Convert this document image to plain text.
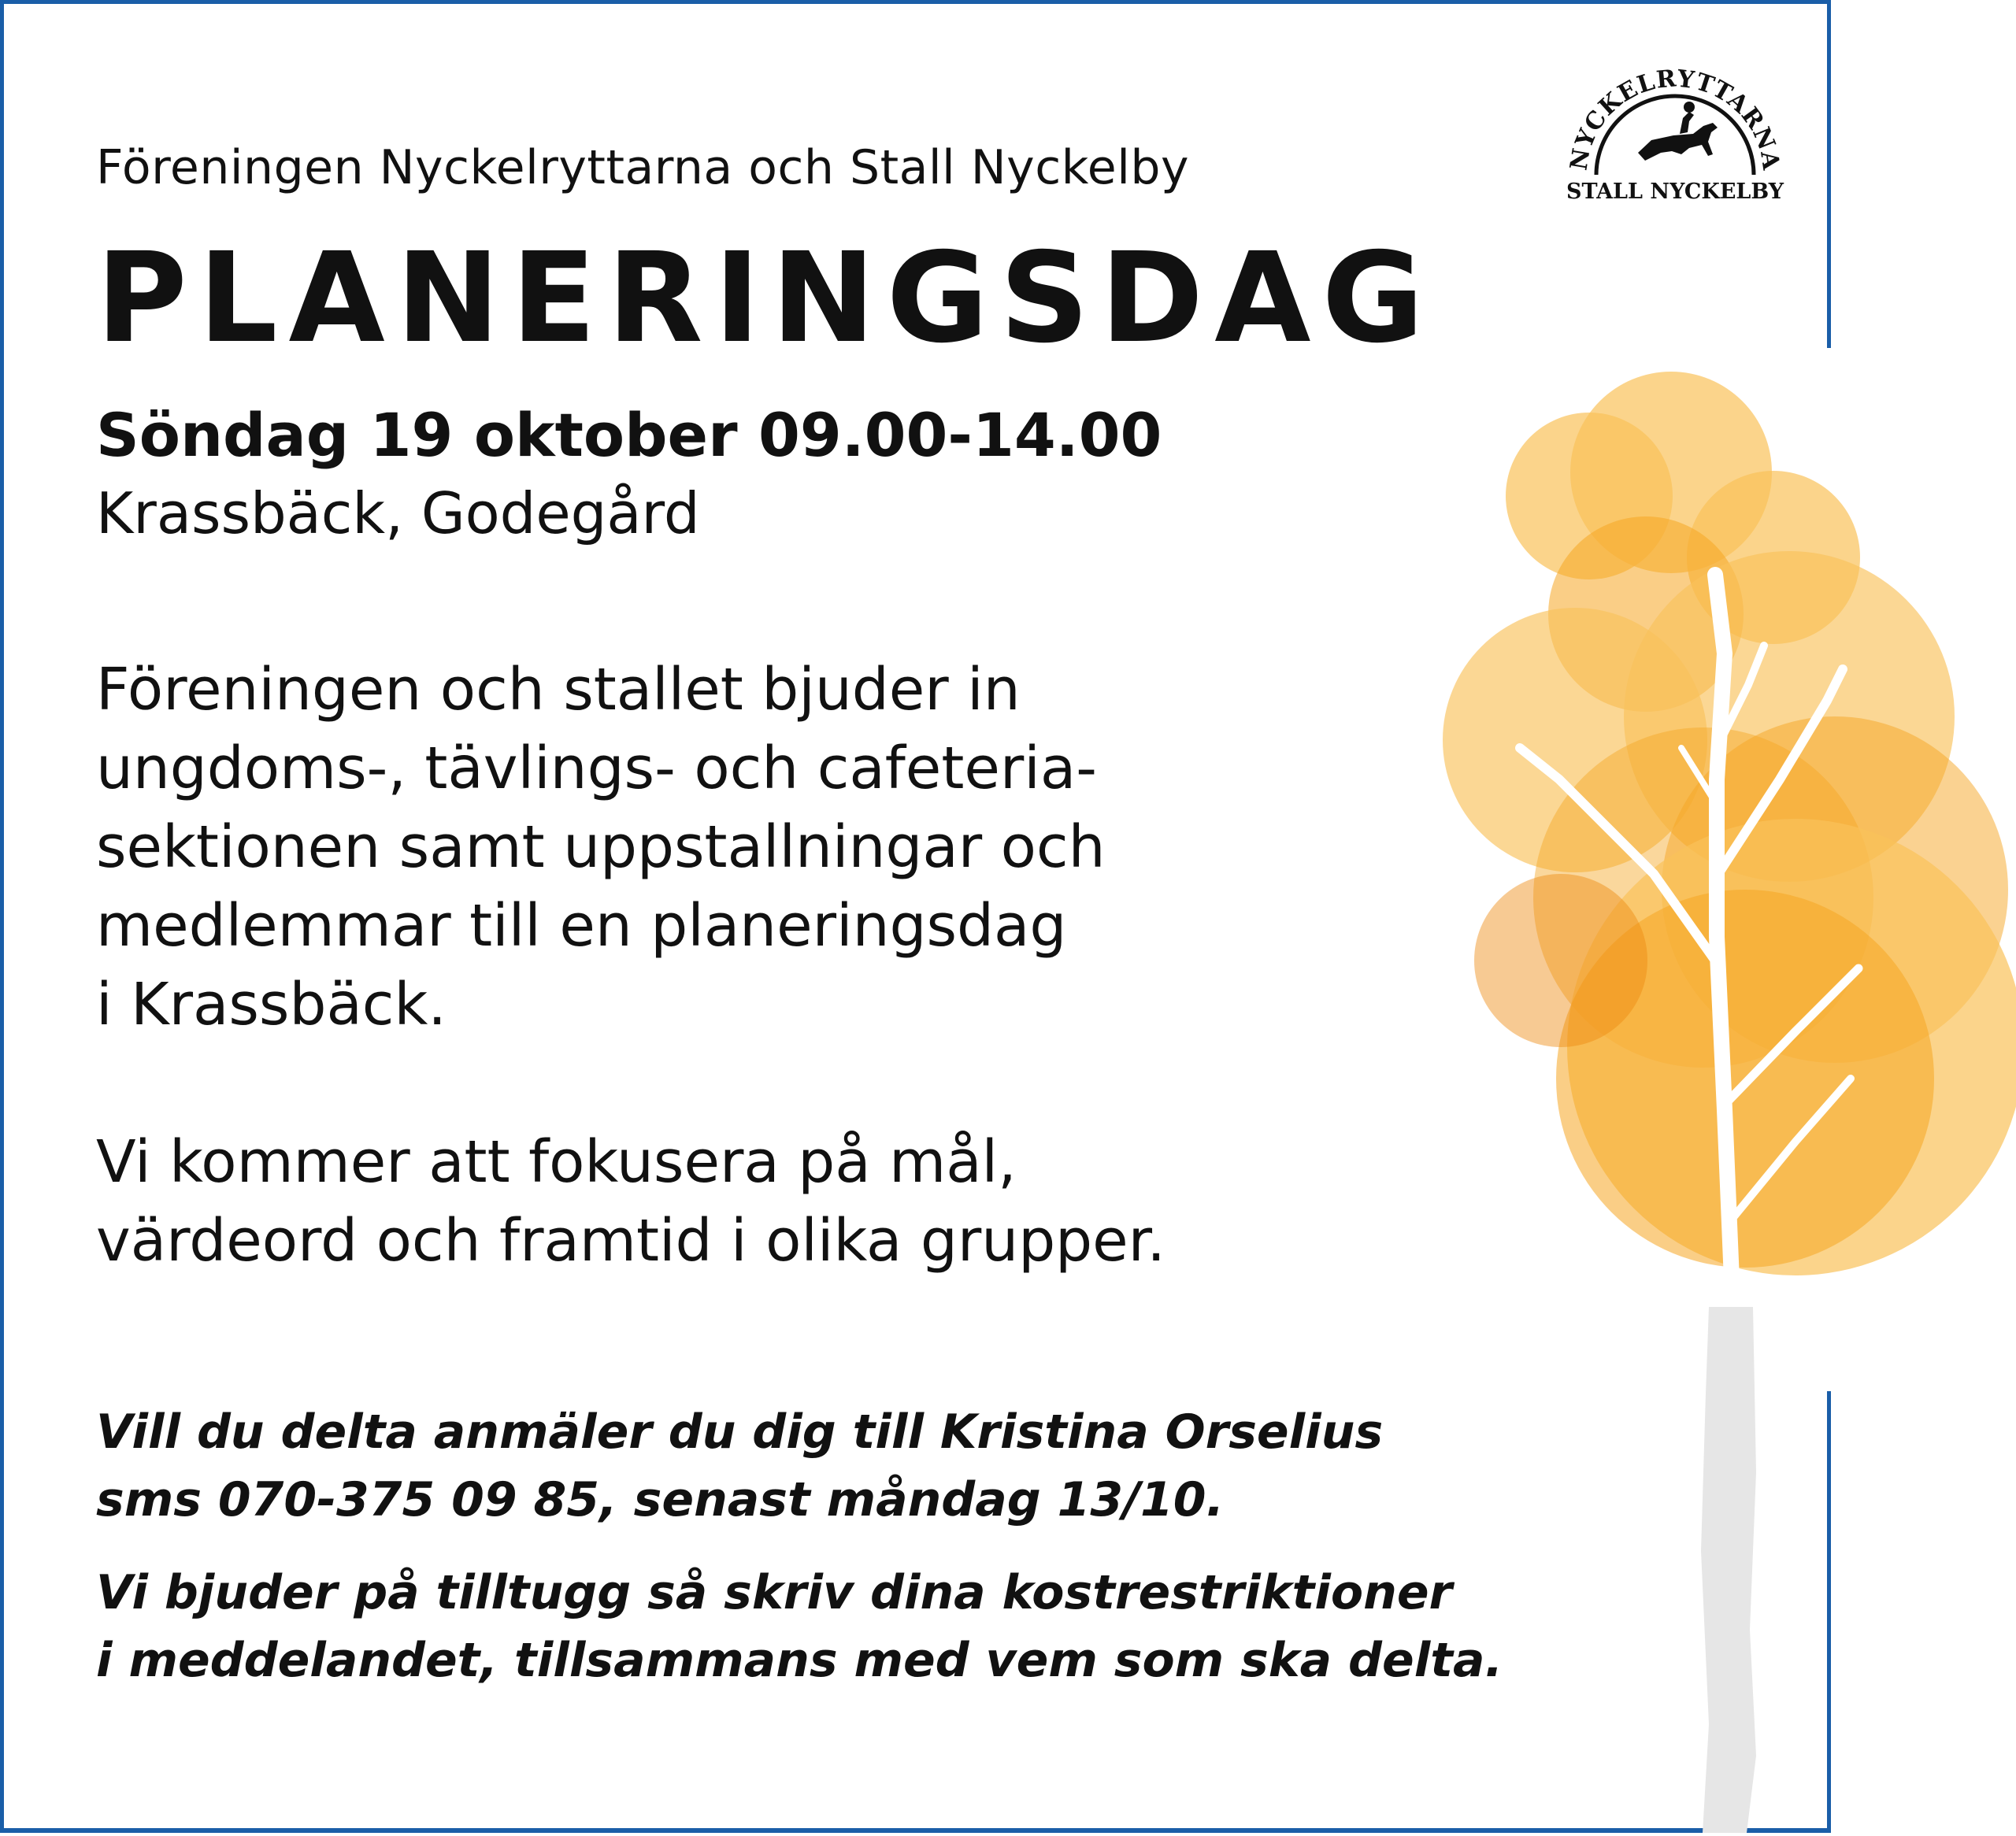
NYCKELRYTTARNA
STALL NYCKELBY
Föreningen Nyckelryttarna och Stall Nyckelby
PLANERINGSDAG
Söndag 19 oktober 09.00-14.00
Krassbäck, Godegård
Föreningen och stallet bjuder in
ungdoms-, tävlings- och cafeteria-
sektionen samt uppstallningar och
medlemmar till en planeringsdag
i Krassbäck.
Vi kommer att fokusera på mål,
värdeord och framtid i olika grupper.
Vill du delta anmäler du dig till Kristina Orselius
sms 070-375 09 85, senast måndag 13/10.
Vi bjuder på tilltugg så skriv dina kostrestriktioner
i meddelandet, tillsammans med vem som ska delta.
